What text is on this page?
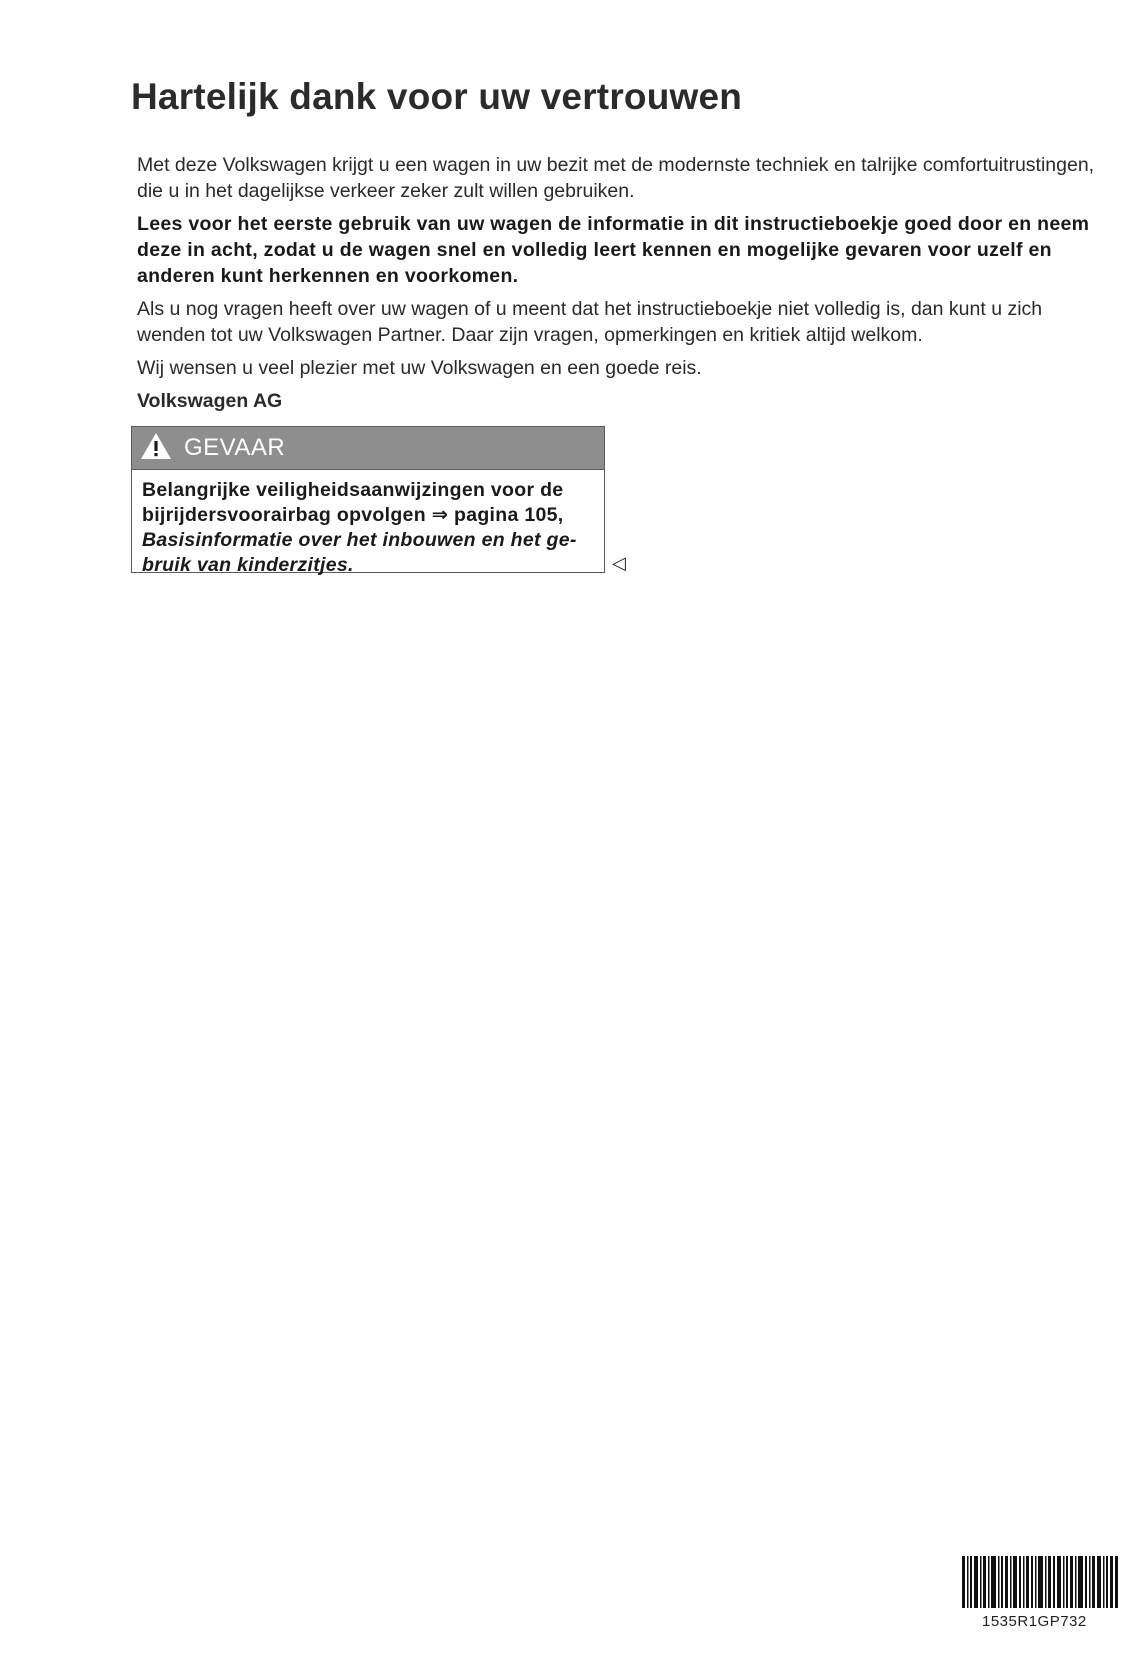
Hartelijk dank voor uw vertrouwen

Met deze Volkswagen krijgt u een wagen in uw bezit met de modernste techniek en talrijke comfortuitrustingen, die u in het dagelijkse verkeer zeker zult willen gebruiken.

Lees voor het eerste gebruik van uw wagen de informatie in dit instructieboekje goed door en neem deze in acht, zodat u de wagen snel en volledig leert kennen en mogelijke gevaren voor uzelf en anderen kunt herkennen en voorkomen.

Als u nog vragen heeft over uw wagen of u meent dat het instructieboekje niet volledig is, dan kunt u zich wenden tot uw Volkswagen Partner. Daar zijn vragen, opmerkingen en kritiek altijd welkom.

Wij wensen u veel plezier met uw Volkswagen en een goede reis.

Volkswagen AG

GEVAAR
Belangrijke veiligheidsaanwijzingen voor de bijrijdersvoorairbag opvolgen ⇒ pagina 105, Basisinformatie over het inbouwen en het gebruik van kinderzitjes.	◁
1535R1GP732
